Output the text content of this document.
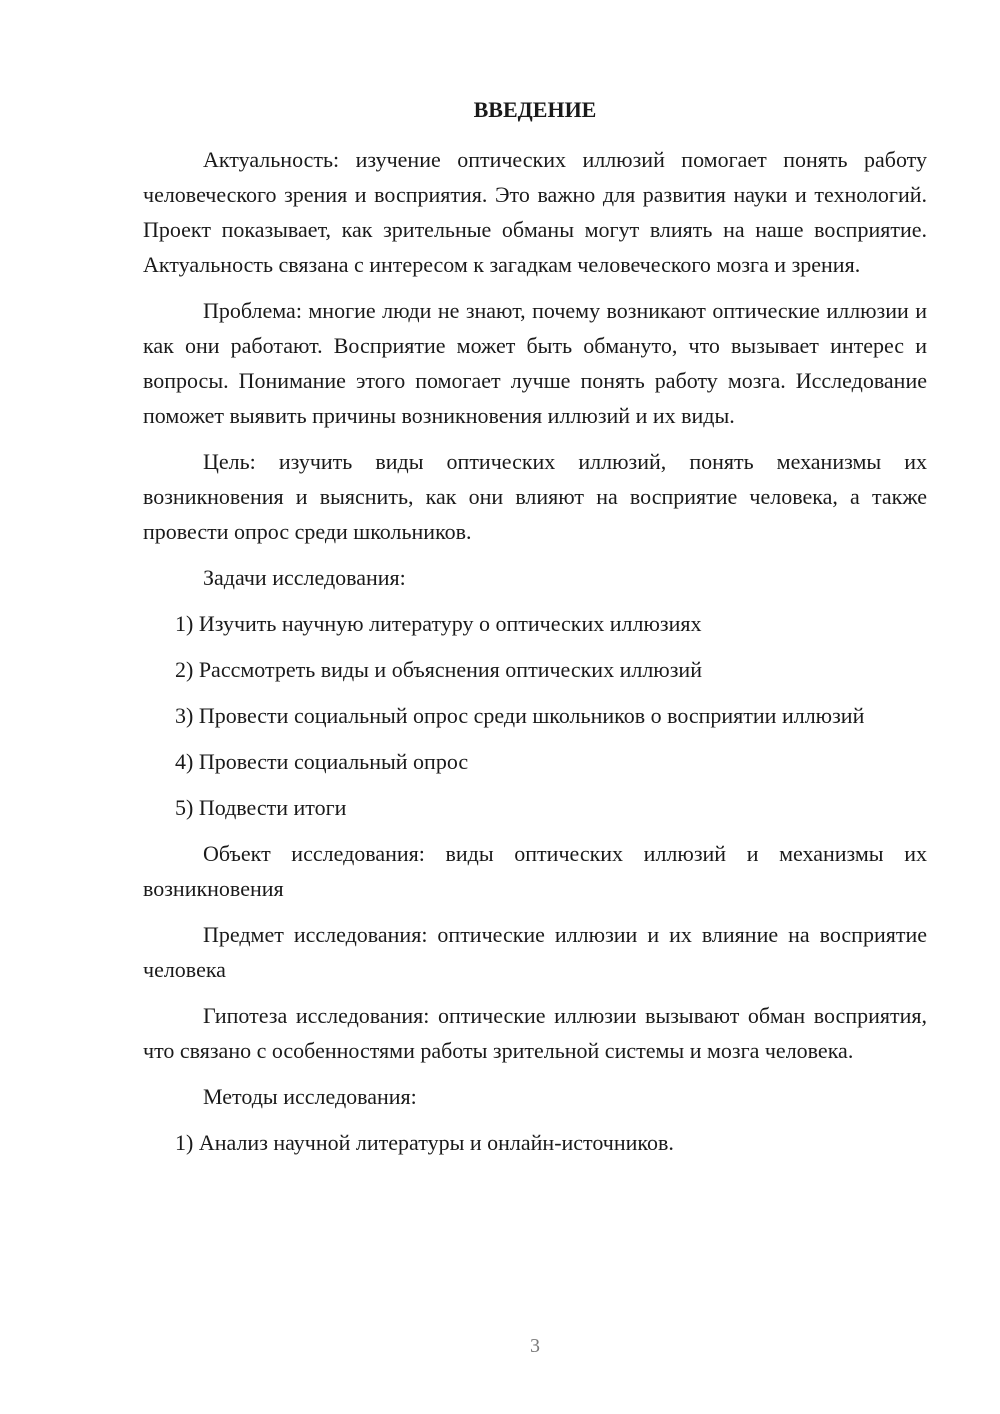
ВВЕДЕНИЕ

Актуальность: изучение оптических иллюзий помогает понять работу человеческого зрения и восприятия. Это важно для развития науки и технологий. Проект показывает, как зрительные обманы могут влиять на наше восприятие. Актуальность связана с интересом к загадкам человеческого мозга и зрения.

Проблема: многие люди не знают, почему возникают оптические иллюзии и как они работают. Восприятие может быть обмануто, что вызывает интерес и вопросы. Понимание этого помогает лучше понять работу мозга. Исследование поможет выявить причины возникновения иллюзий и их виды.

Цель: изучить виды оптических иллюзий, понять механизмы их возникновения и выяснить, как они влияют на восприятие человека, а также провести опрос среди школьников.

Задачи исследования:

1) Изучить научную литературу о оптических иллюзиях

2) Рассмотреть виды и объяснения оптических иллюзий

3) Провести социальный опрос среди школьников о восприятии иллюзий

4) Провести социальный опрос

5) Подвести итоги

Объект исследования: виды оптических иллюзий и механизмы их возникновения

Предмет исследования: оптические иллюзии и их влияние на восприятие человека

Гипотеза исследования: оптические иллюзии вызывают обман восприятия, что связано с особенностями работы зрительной системы и мозга человека.

Методы исследования:

1) Анализ научной литературы и онлайн-источников.

3
